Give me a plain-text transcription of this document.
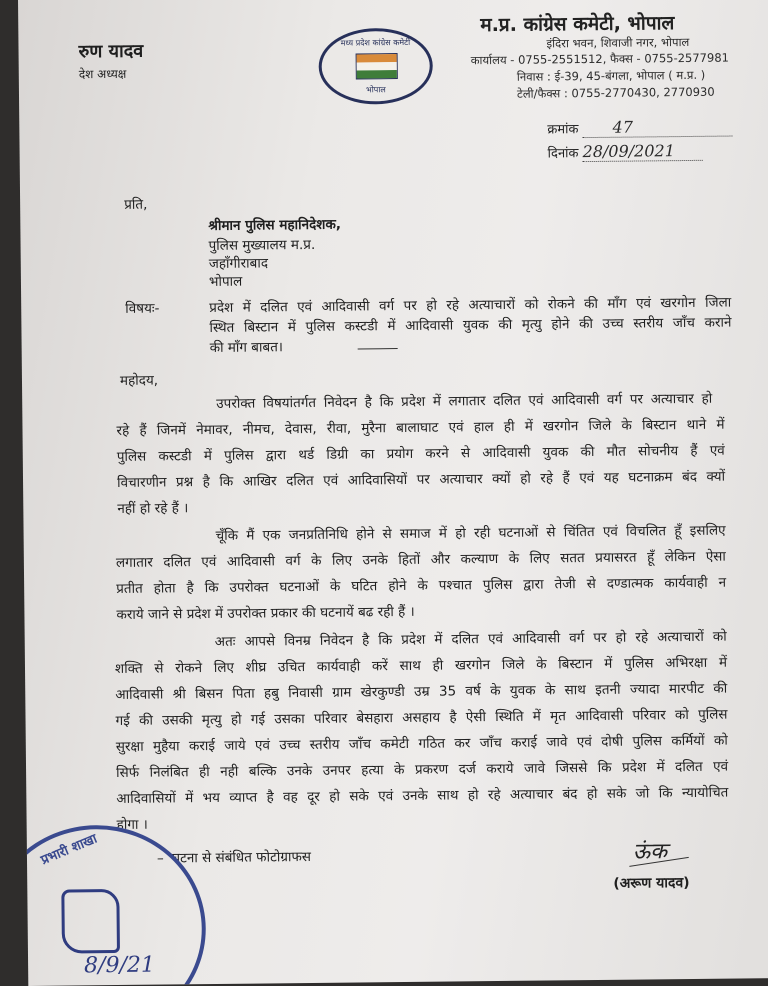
रुण यादव
देश अध्यक्ष
मध्य प्रदेश कांग्रेस कमेटी
भोपाल
म.प्र. कांग्रेस कमेटी, भोपाल
इंदिरा भवन, शिवाजी नगर, भोपाल
कार्यालय - 0755-2551512, फैक्स - 0755-2577981
निवास : ई-39, 45-बंगला, भोपाल ( म.प्र. )
टेली/फैक्स : 0755-2770430, 2770930
क्रमांक 47
दिनांक 28/09/2021
प्रति,
श्रीमान पुलिस महानिदेशक,
पुलिस मुख्यालय म.प्र.
जहाँगीराबाद
भोपाल
विषयः-	प्रदेश में दलित एवं आदिवासी वर्ग पर हो रहे अत्याचारों को रोकने की माँग एवं खरगोन जिला
स्थित बिस्टान में पुलिस कस्टडी में आदिवासी युवक की मृत्यु होने की उच्च स्तरीय जाँच कराने
की माँग बाबत।
महोदय,
उपरोक्त विषयांतर्गत निवेदन है कि प्रदेश में लगातार दलित एवं आदिवासी वर्ग पर अत्याचार हो
रहे हैं जिनमें नेमावर, नीमच, देवास, रीवा, मुरैना बालाघाट एवं हाल ही में खरगोन जिले के बिस्टान थाने में
पुलिस कस्टडी में पुलिस द्वारा थर्ड डिग्री का प्रयोग करने से आदिवासी युवक की मौत सोचनीय हैं एवं
विचारणीन प्रश्न है कि आखिर दलित एवं आदिवासियों पर अत्याचार क्यों हो रहे हैं एवं यह घटनाक्रम बंद क्यों
नहीं हो रहे हैं ।
चूँकि मैं एक जनप्रतिनिधि होने से समाज में हो रही घटनाओं से चिंतित एवं विचलित हूँ इसलिए
लगातार दलित एवं आदिवासी वर्ग के लिए उनके हितों और कल्याण के लिए सतत प्रयासरत हूँ लेकिन ऐसा
प्रतीत होता है कि उपरोक्त घटनाओं के घटित होने के पश्चात पुलिस द्वारा तेजी से दण्डात्मक कार्यवाही न
कराये जाने से प्रदेश में उपरोक्त प्रकार की घटनायें बढ रही हैं ।
अतः आपसे विनम्र निवेदन है कि प्रदेश में दलित एवं आदिवासी वर्ग पर हो रहे अत्याचारों को
शक्ति से रोकने लिए शीघ्र उचित कार्यवाही करें साथ ही खरगोन जिले के बिस्टान में पुलिस अभिरक्षा में
आदिवासी श्री बिसन पिता हबु निवासी ग्राम खेरकुण्डी उम्र 35 वर्ष के युवक के साथ इतनी ज्यादा मारपीट की
गई की उसकी मृत्यु हो गई उसका परिवार बेसहारा असहाय है ऐसी स्थिति में मृत आदिवासी परिवार को पुलिस
सुरक्षा मुहैया कराई जाये एवं उच्च स्तरीय जाँच कमेटी गठित कर जाँच कराई जावे एवं दोषी पुलिस कर्मियों को
सिर्फ निलंबित ही नही बल्कि उनके उनपर हत्या के प्रकरण दर्ज कराये जावे जिससे कि प्रदेश में दलित एवं
आदिवासियों में भय व्याप्त है वह दूर हो सके एवं उनके साथ हो रहे अत्याचार बंद हो सके जो कि न्यायोचित
होगा ।
– घटना से संबंधित फोटोग्राफस	ऊंक
(अरूण यादव)
प्रभारी शाखा
8/9/21
